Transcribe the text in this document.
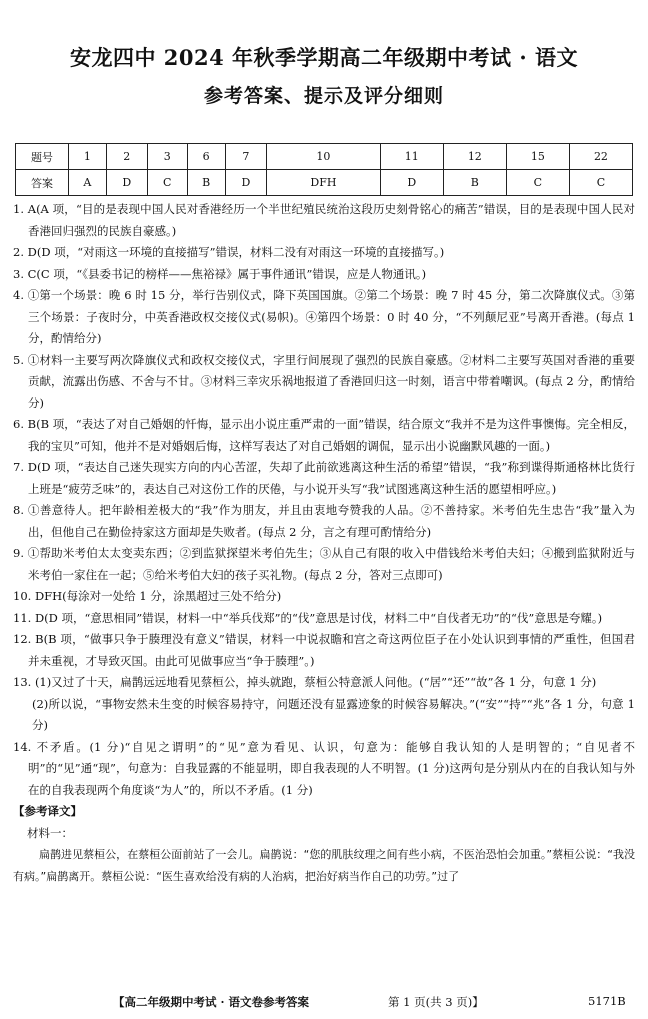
安龙四中 2024 年秋季学期高二年级期中考试 · 语文
参考答案、提示及评分细则
题号	1	2	3	6	7	10	11	12	15	22
答案	A	D	C	B	D	DFH	D	B	C	C
1. A(A 项，“目的是表现中国人民对香港经历一个半世纪殖民统治这段历史刻骨铭心的痛苦”错误，目的是表现中国人民对香港回归强烈的民族自豪感。)
2. D(D 项，“对雨这一环境的直接描写”错误，材料二没有对雨这一环境的直接描写。)
3. C(C 项，“《县委书记的榜样——焦裕禄》属于事件通讯”错误，应是人物通讯。)
4. ①第一个场景：晚 6 时 15 分，举行告别仪式，降下英国国旗。②第二个场景：晚 7 时 45 分，第二次降旗仪式。③第三个场景：子夜时分，中英香港政权交接仪式(易帜)。④第四个场景：0 时 40 分，“不列颠尼亚”号离开香港。(每点 1 分，酌情给分)
5. ①材料一主要写两次降旗仪式和政权交接仪式，字里行间展现了强烈的民族自豪感。②材料二主要写英国对香港的重要贡献，流露出伤感、不舍与不甘。③材料三幸灾乐祸地报道了香港回归这一时刻，语言中带着嘲讽。(每点 2 分，酌情给分)
6. B(B 项，“表达了对自己婚姻的忏悔，显示出小说庄重严肃的一面”错误，结合原文“我并不是为这件事懊悔。完全相反，我的宝贝”可知，他并不是对婚姻后悔，这样写表达了对自己婚姻的调侃，显示出小说幽默风趣的一面。)
7. D(D 项，“表达自己迷失现实方向的内心苦涩，失却了此前欲逃离这种生活的希望”错误，“我”称到谍得斯通格林比货行上班是“疲劳乏味”的，表达自己对这份工作的厌倦，与小说开头写“我”试图逃离这种生活的愿望相呼应。)
8. ①善意待人。把年龄相差极大的“我”作为朋友，并且由衷地夸赞我的人品。②不善持家。米考伯先生忠告“我”量入为出，但他自己在勤俭持家这方面却是失败者。(每点 2 分，言之有理可酌情给分)
9. ①帮助米考伯太太变卖东西；②到监狱探望米考伯先生；③从自己有限的收入中借钱给米考伯夫妇；④搬到监狱附近与米考伯一家住在一起；⑤给米考伯大妇的孩子买礼物。(每点 2 分，答对三点即可)
10. DFH(每涂对一处给 1 分，涂黑超过三处不给分)
11. D(D 项，“意思相同”错误，材料一中“举兵伐郑”的“伐”意思是讨伐，材料二中“自伐者无功”的“伐”意思是夸耀。)
12. B(B 项，“做事只争于腠理没有意义”错误，材料一中说叔瞻和宫之奇这两位臣子在小处认识到事情的严重性，但国君并未重视，才导致灭国。由此可见做事应当“争于腠理”。)
13. (1)又过了十天，扁鹊远远地看见蔡桓公，掉头就跑，蔡桓公特意派人问他。(“居”“还”“故”各 1 分，句意 1 分)
(2)所以说，“事物安然未生变的时候容易持守，问题还没有显露迹象的时候容易解决。”(“安”“持”“兆”各 1 分，句意 1 分)
14. 不矛盾。(1 分)“自见之谓明”的“见”意为看见、认识，句意为：能够自我认知的人是明智的；“自见者不明”的“见”通“现”，句意为：自我显露的不能显明，即自我表现的人不明智。(1 分)这两句是分别从内在的自我认知与外在的自我表现两个角度谈“为人”的，所以不矛盾。(1 分)
【参考译文】
材料一：
扁鹊进见蔡桓公，在蔡桓公面前站了一会儿。扁鹊说：“您的肌肤纹理之间有些小病，不医治恐怕会加重。”蔡桓公说：“我没有病。”扁鹊离开。蔡桓公说：“医生喜欢给没有病的人治病，把治好病当作自己的功劳。”过了
【高二年级期中考试 · 语文卷参考答案	第 1 页(共 3 页)】	5171B
